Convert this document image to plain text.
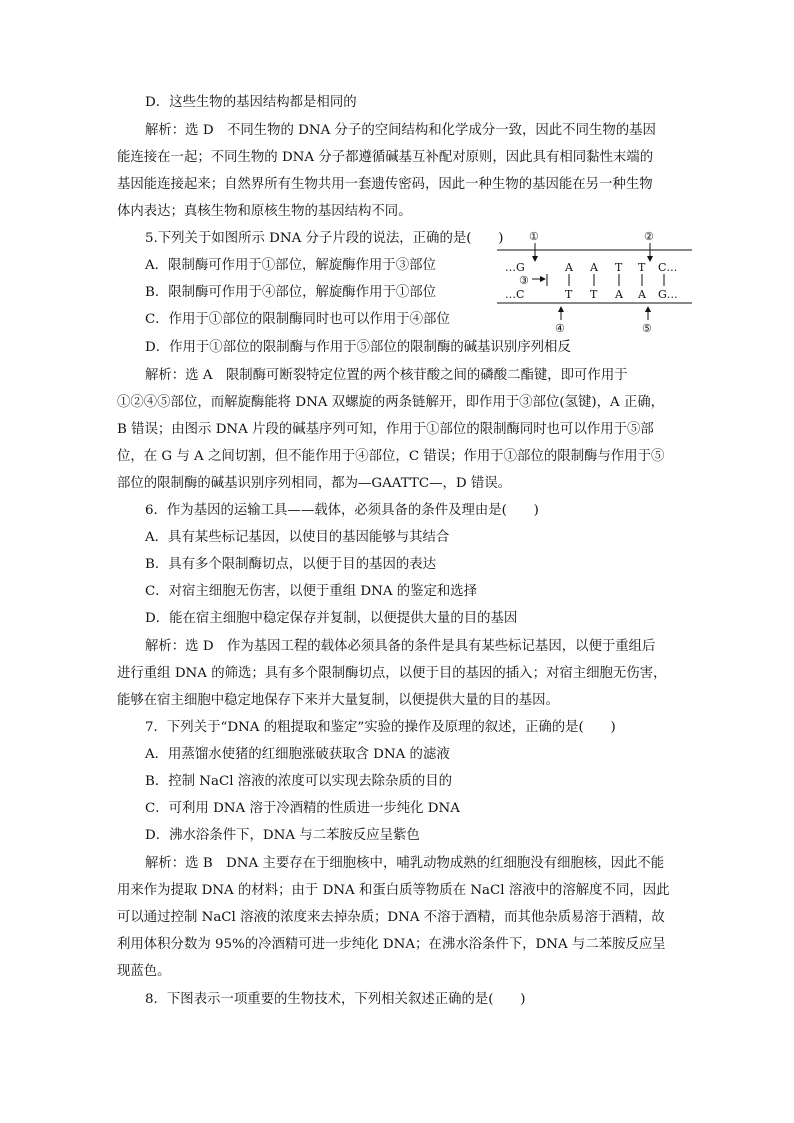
D．这些生物的基因结构都是相同的
解析：选 D　不同生物的 DNA 分子的空间结构和化学成分一致，因此不同生物的基因
能连接在一起；不同生物的 DNA 分子都遵循碱基互补配对原则，因此具有相同黏性末端的
基因能连接起来；自然界所有生物共用一套遗传密码，因此一种生物的基因能在另一种生物
体内表达；真核生物和原核生物的基因结构不同。
5.下列关于如图所示 DNA 分子片段的说法，正确的是(　　)
A．限制酶可作用于①部位，解旋酶作用于③部位
B．限制酶可作用于④部位，解旋酶作用于①部位
C．作用于①部位的限制酶同时也可以作用于④部位
D．作用于①部位的限制酶与作用于⑤部位的限制酶的碱基识别序列相反
解析：选 A　限制酶可断裂特定位置的两个核苷酸之间的磷酸二酯键，即可作用于
①②④⑤部位，而解旋酶能将 DNA 双螺旋的两条链解开，即作用于③部位(氢键)，A 正确，
B 错误；由图示 DNA 片段的碱基序列可知，作用于①部位的限制酶同时也可以作用于⑤部
位，在 G 与 A 之间切割，但不能作用于④部位，C 错误；作用于①部位的限制酶与作用于⑤
部位的限制酶的碱基识别序列相同，都为—GAATTC—，D 错误。
6．作为基因的运输工具——载体，必须具备的条件及理由是(　　)
A．具有某些标记基因，以使目的基因能够与其结合
B．具有多个限制酶切点，以便于目的基因的表达
C．对宿主细胞无伤害，以便于重组 DNA 的鉴定和选择
D．能在宿主细胞中稳定保存并复制，以便提供大量的目的基因
解析：选 D　作为基因工程的载体必须具备的条件是具有某些标记基因，以便于重组后
进行重组 DNA 的筛选；具有多个限制酶切点，以便于目的基因的插入；对宿主细胞无伤害，
能够在宿主细胞中稳定地保存下来并大量复制，以便提供大量的目的基因。
7．下列关于“DNA 的粗提取和鉴定”实验的操作及原理的叙述，正确的是(　　)
A．用蒸馏水使猪的红细胞涨破获取含 DNA 的滤液
B．控制 NaCl 溶液的浓度可以实现去除杂质的目的
C．可利用 DNA 溶于冷酒精的性质进一步纯化 DNA
D．沸水浴条件下，DNA 与二苯胺反应呈紫色
解析：选 B　DNA 主要存在于细胞核中，哺乳动物成熟的红细胞没有细胞核，因此不能
用来作为提取 DNA 的材料；由于 DNA 和蛋白质等物质在 NaCl 溶液中的溶解度不同，因此
可以通过控制 NaCl 溶液的浓度来去掉杂质；DNA 不溶于酒精，而其他杂质易溶于酒精，故
利用体积分数为 95%的冷酒精可进一步纯化 DNA；在沸水浴条件下，DNA 与二苯胺反应呈
现蓝色。
8．下图表示一项重要的生物技术，下列相关叙述正确的是(　　)
①	②
…G	A A T T C…
③
…C	T T A A G…
④	⑤
